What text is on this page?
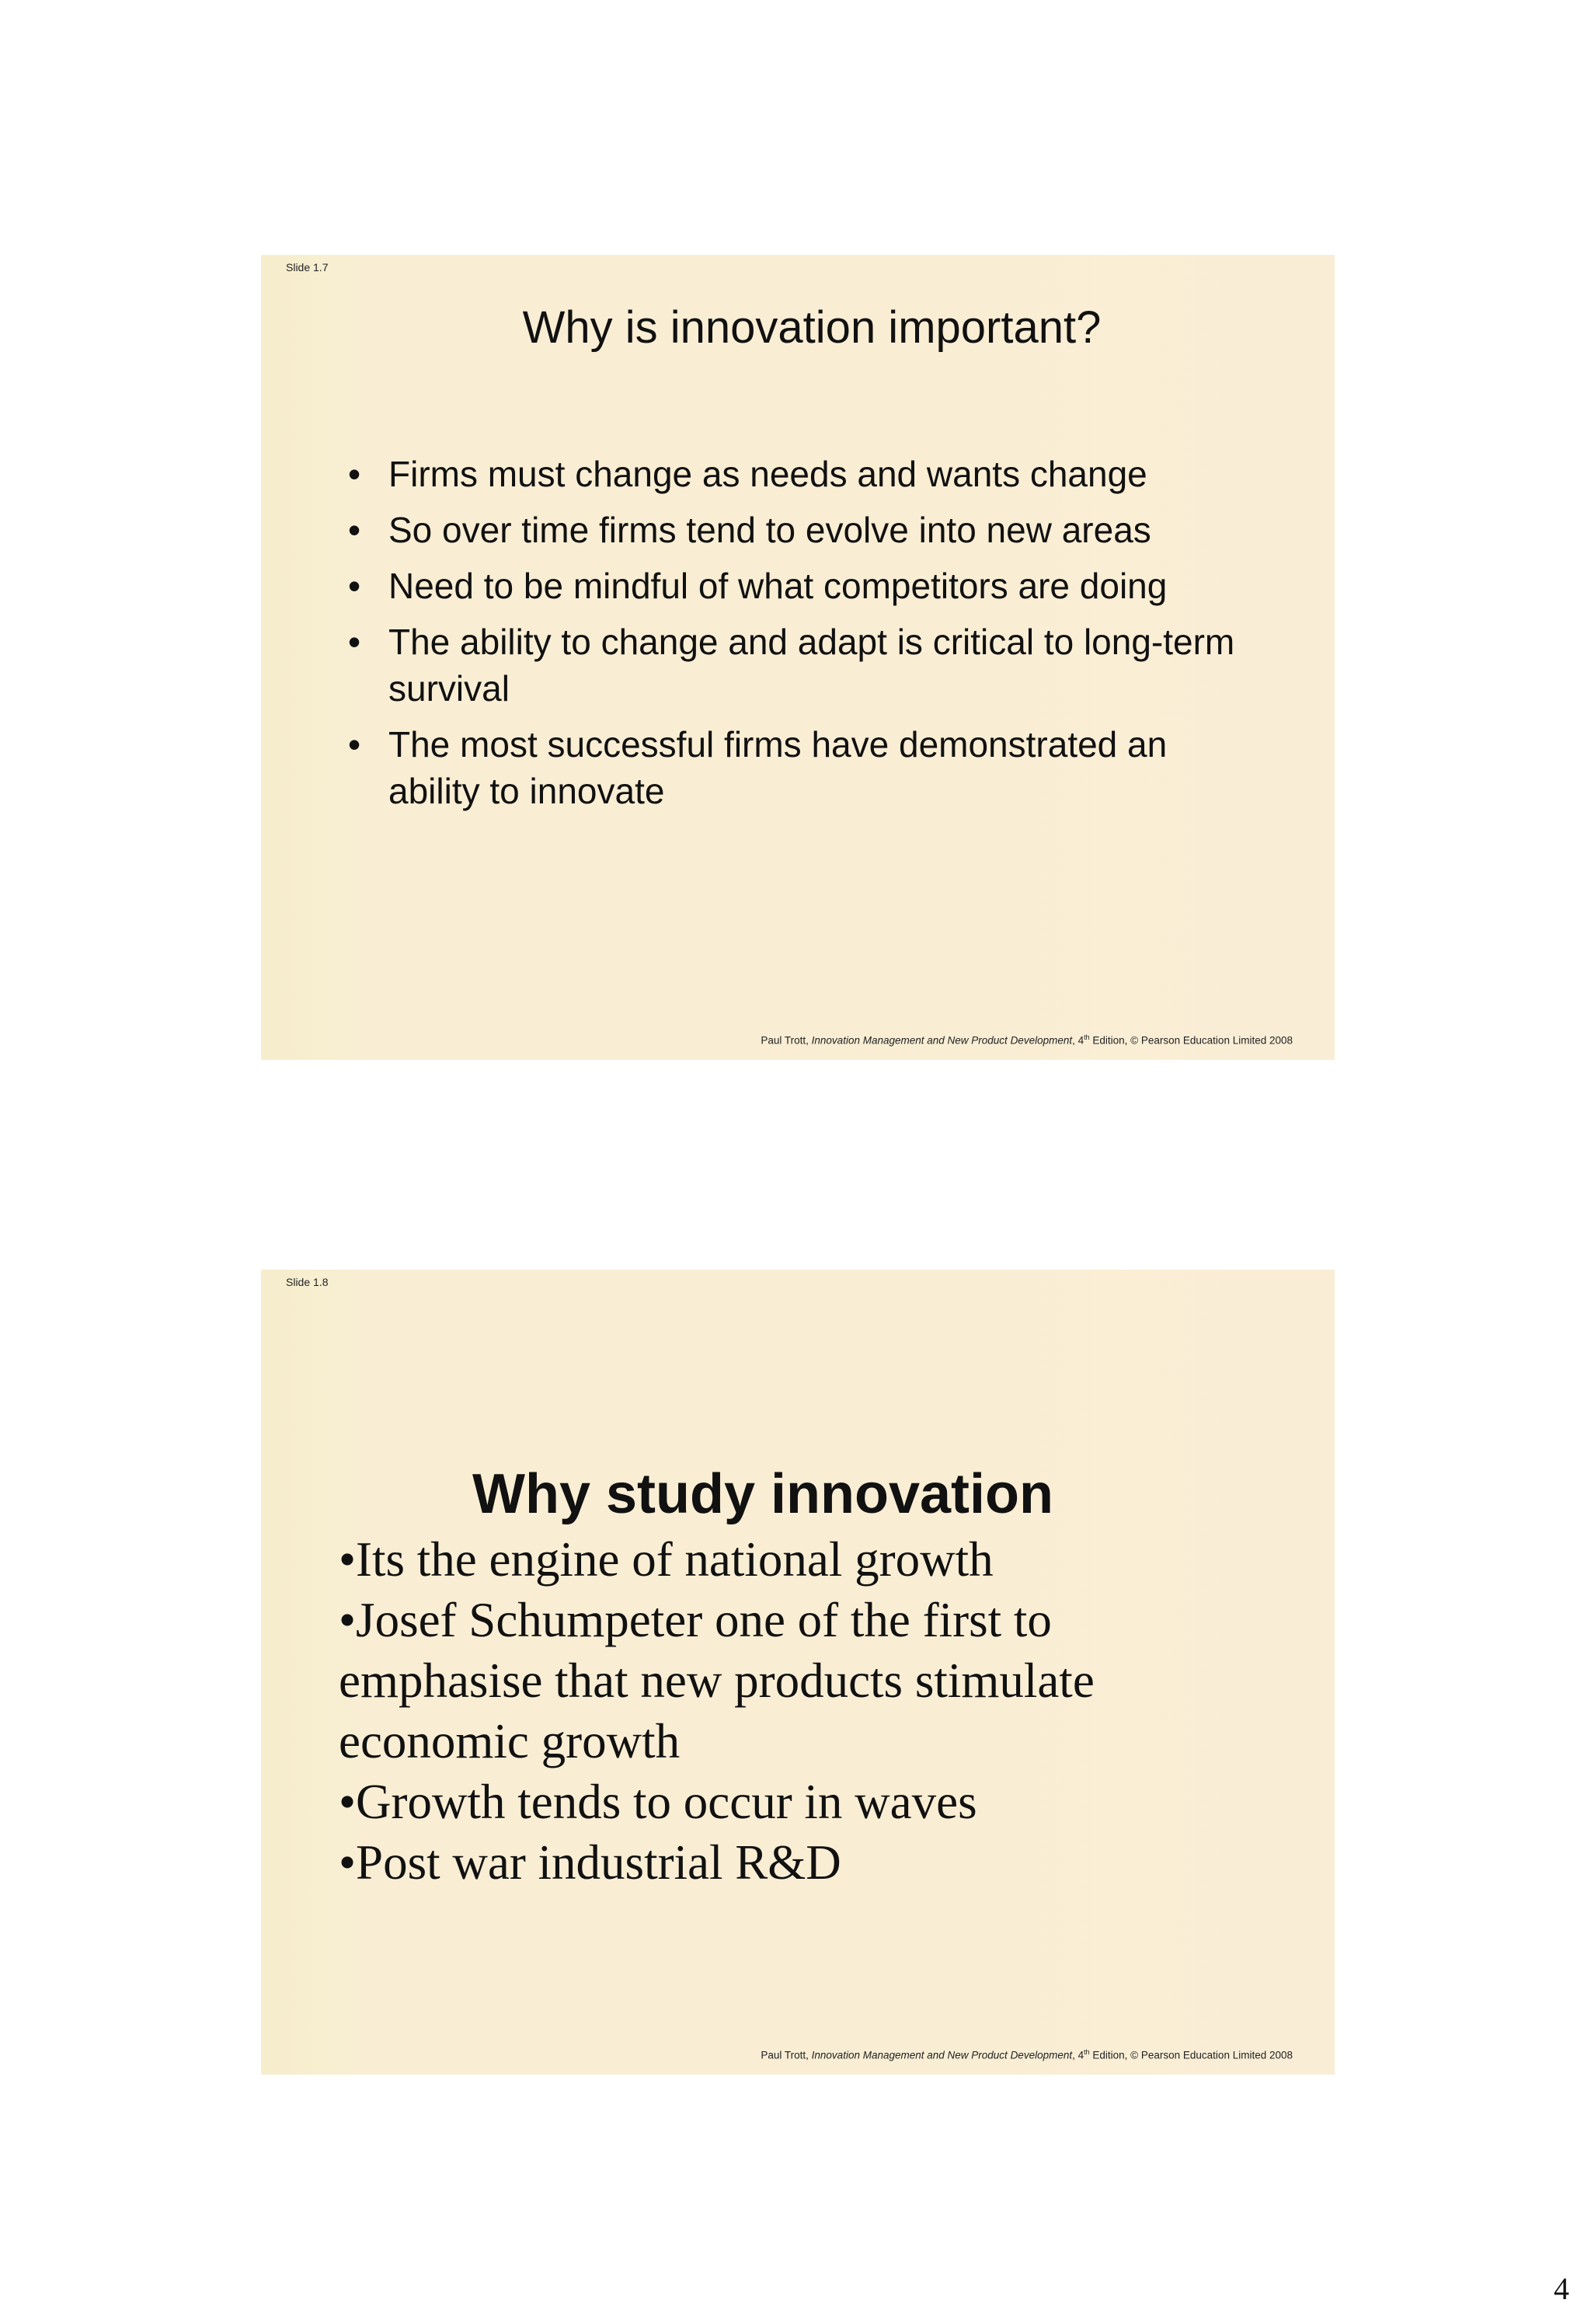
Slide 1.7
Why is innovation important?
• Firms must change as needs and wants change
• So over time firms tend to evolve into new areas
• Need to be mindful of what competitors are doing
• The ability to change and adapt is critical to long-term survival
• The most successful firms have demonstrated an ability to innovate
Paul Trott, Innovation Management and New Product Development, 4th Edition, © Pearson Education Limited 2008
Slide 1.8
Why study innovation

•Its the engine of national growth

•Josef Schumpeter one of the first to emphasise that new products stimulate economic growth

•Growth tends to occur in waves

•Post war industrial R&D

Paul Trott, Innovation Management and New Product Development, 4th Edition, © Pearson Education Limited 2008
4
